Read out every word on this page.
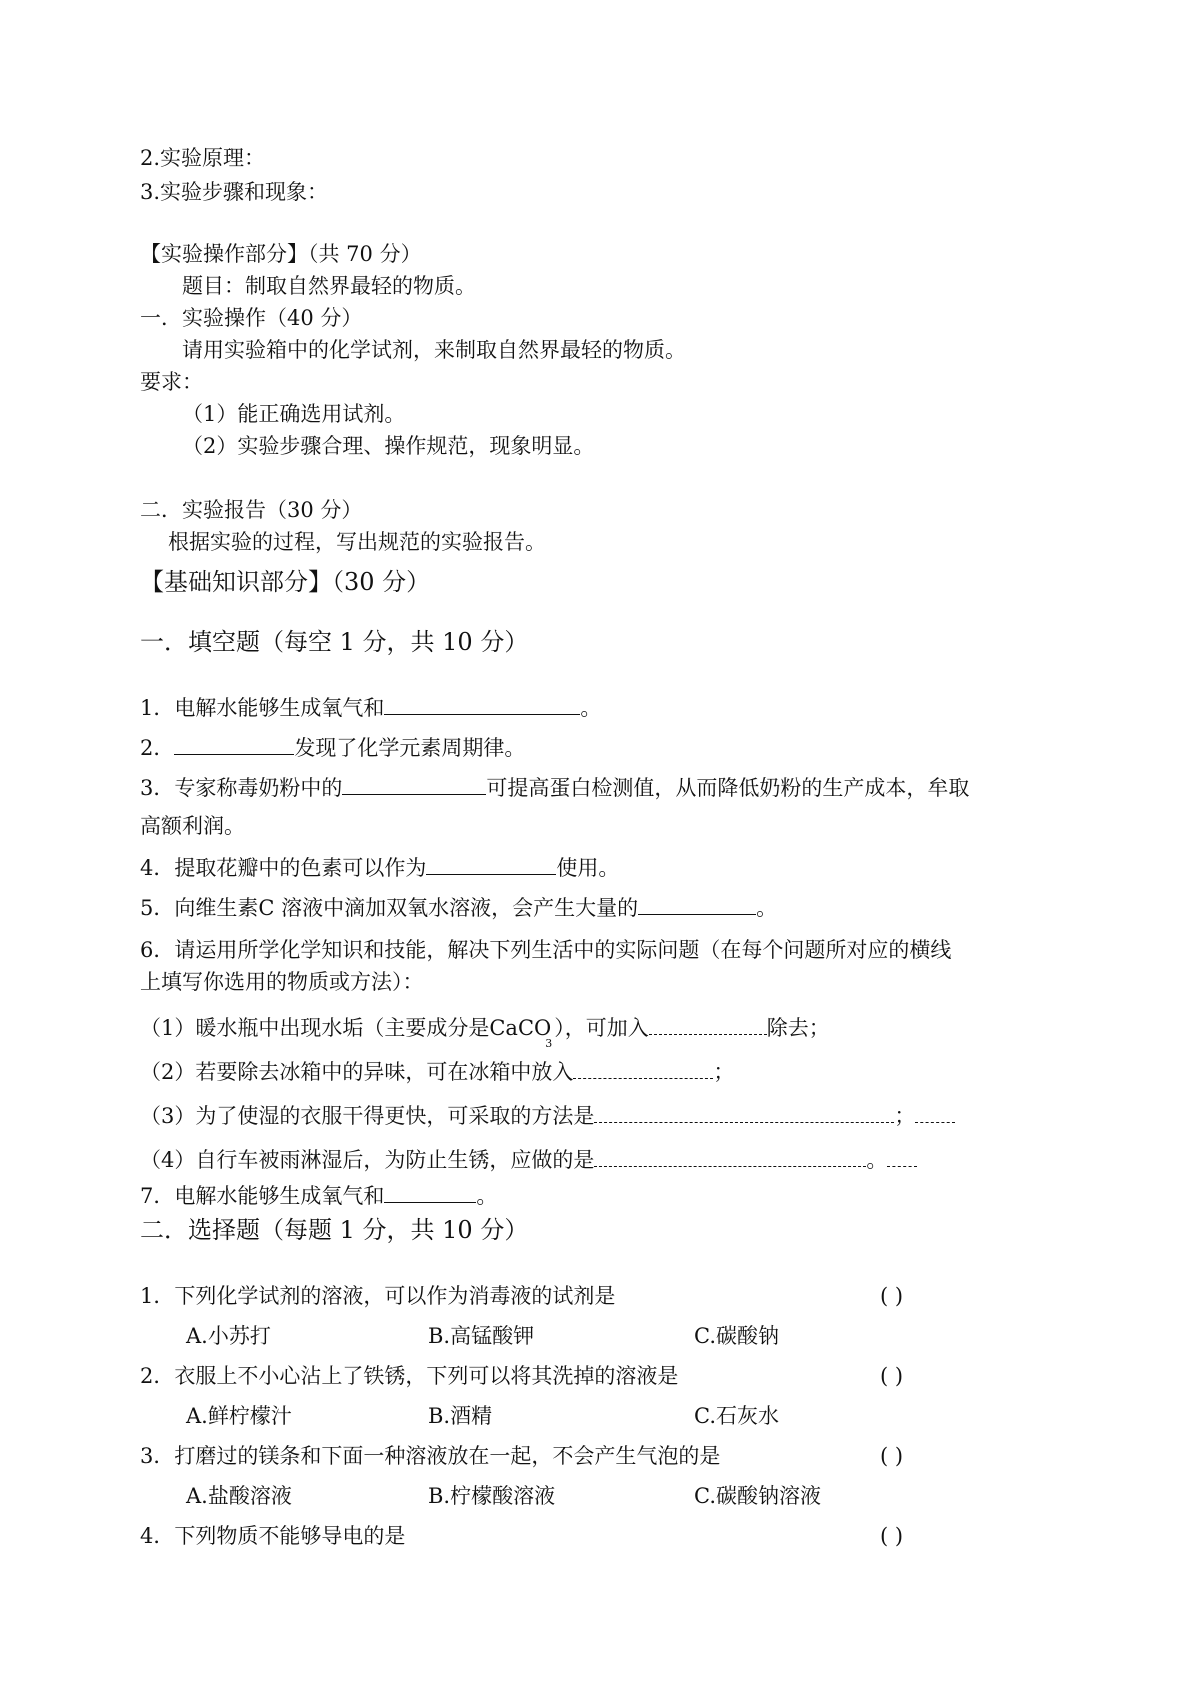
2.实验原理：
3.实验步骤和现象：
【实验操作部分】（共 70 分）
题目：制取自然界最轻的物质。
一．实验操作（40 分）
请用实验箱中的化学试剂，来制取自然界最轻的物质。
要求：
（1）能正确选用试剂。
（2）实验步骤合理、操作规范，现象明显。
二．实验报告（30 分）
根据实验的过程，写出规范的实验报告。
【基础知识部分】（30 分）
一．填空题（每空 1 分，共 10 分）
1．电解水能够生成氧气和	。
2．	发现了化学元素周期律。
3．专家称毒奶粉中的	可提高蛋白检测值，从而降低奶粉的生产成本，牟取
高额利润。
4．提取花瓣中的色素可以作为	使用。
5．向维生素C 溶液中滴加双氧水溶液，会产生大量的	。
6．请运用所学化学知识和技能，解决下列生活中的实际问题（在每个问题所对应的横线
上填写你选用的物质或方法）：
（1）暖水瓶中出现水垢（主要成分是CaCO$_3$），可加入	除去；
（2）若要除去冰箱中的异味，可在冰箱中放入	；
（3）为了使湿的衣服干得更快，可采取的方法是	；
（4）自行车被雨淋湿后，为防止生锈，应做的是	。
7．电解水能够生成氧气和	。
二．选择题（每题 1 分，共 10 分）
1．下列化学试剂的溶液，可以作为消毒液的试剂是	( )
A.小苏打	B.高锰酸钾	C.碳酸钠
2．衣服上不小心沾上了铁锈，下列可以将其洗掉的溶液是	( )
A.鲜柠檬汁	B.酒精	C.石灰水
3．打磨过的镁条和下面一种溶液放在一起，不会产生气泡的是	( )
A.盐酸溶液	B.柠檬酸溶液	C.碳酸钠溶液
4．下列物质不能够导电的是	( )
